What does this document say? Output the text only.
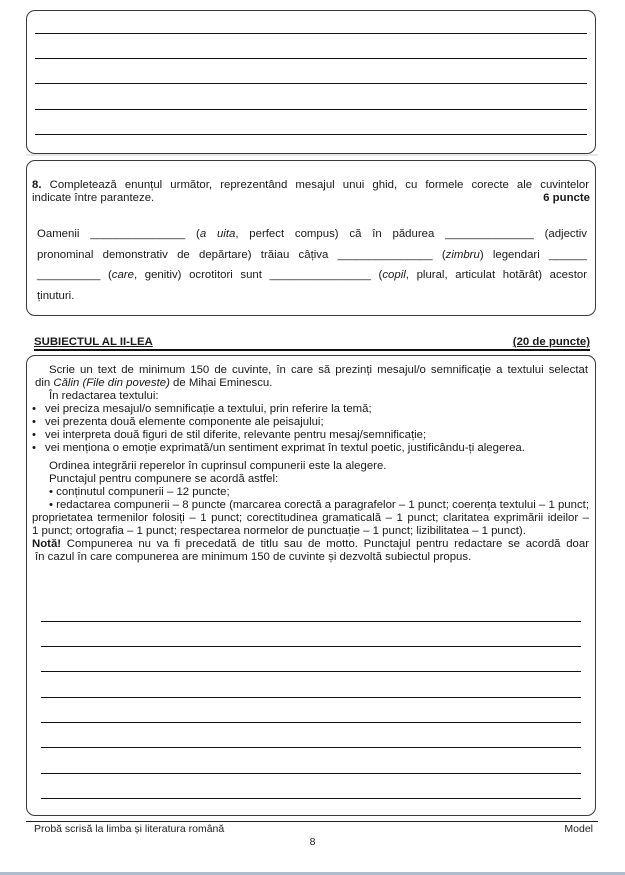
8. Completează enunțul următor, reprezentând mesajul unui ghid, cu formele corecte ale cuvintelor
indicate între paranteze.	6 puncte

Oamenii _______________ (a uita, perfect compus) că în pădurea ______________ (adjectiv

pronominal demonstrativ de depărtare) trăiau câțiva _______________ (zimbru) legendari ______

__________ (care, genitiv) ocrotitori sunt ________________ (copil, plural, articulat hotărât) acestor

ținuturi.

SUBIECTUL AL II-LEA	(20 de puncte)
Scrie un text de minimum 150 de cuvinte, în care să prezinți mesajul/o semnificație a textului selectat
din Călin (File din poveste) de Mihai Eminescu.
În redactarea textului:
• vei preciza mesajul/o semnificație a textului, prin referire la temă;
• vei prezenta două elemente componente ale peisajului;
• vei interpreta două figuri de stil diferite, relevante pentru mesaj/semnificație;
• vei menționa o emoție exprimată/un sentiment exprimat în textul poetic, justificându-ți alegerea.
Ordinea integrării reperelor în cuprinsul compunerii este la alegere.
Punctajul pentru compunere se acordă astfel:
• conținutul compunerii – 12 puncte;
• redactarea compunerii – 8 puncte (marcarea corectă a paragrafelor – 1 punct; coerența textului – 1 punct;
proprietatea termenilor folosiți – 1 punct; corectitudinea gramaticală – 1 punct; claritatea exprimării ideilor –
1 punct; ortografia – 1 punct; respectarea normelor de punctuație – 1 punct; lizibilitatea – 1 punct).
Notă! Compunerea nu va fi precedată de titlu sau de motto. Punctajul pentru redactare se acordă doar
în cazul în care compunerea are minimum 150 de cuvinte și dezvoltă subiectul propus.
Probă scrisă la limba și literatura română	Model
8
